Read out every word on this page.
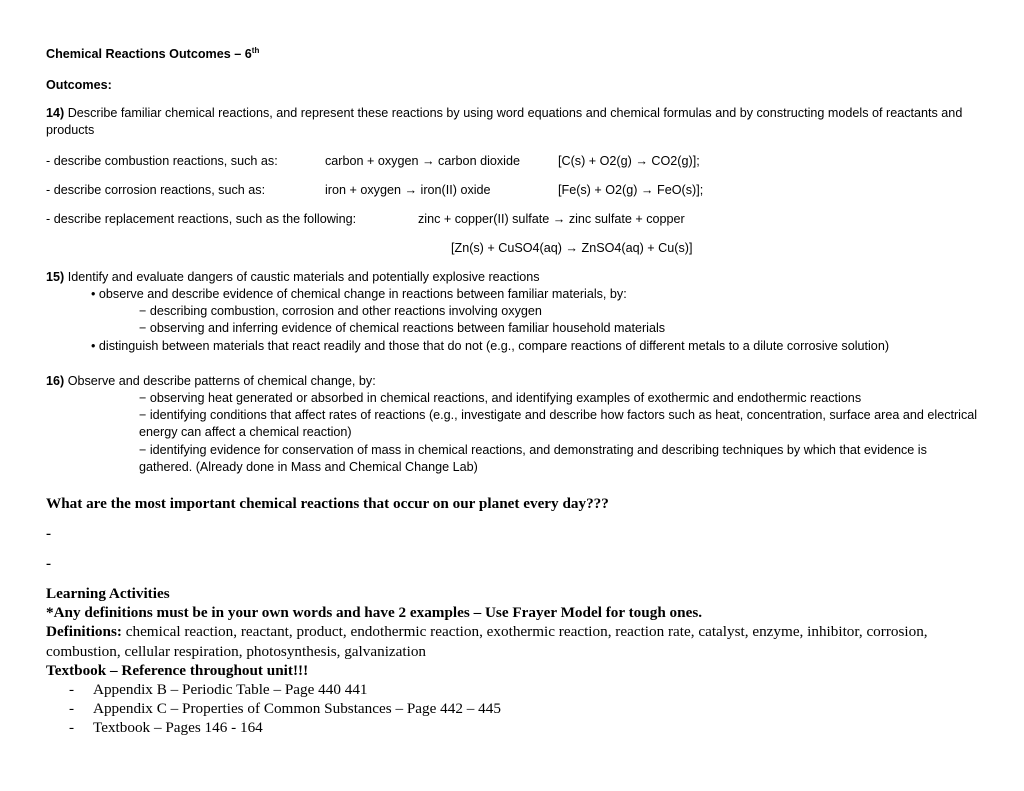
Chemical Reactions Outcomes – 6th
Outcomes:
14) Describe familiar chemical reactions, and represent these reactions by using word equations and chemical formulas and by constructing models of reactants and products
- describe combustion reactions, such as:	carbon + oxygen → carbon dioxide	[C(s) + O2(g) → CO2(g)];
- describe corrosion reactions, such as:	iron + oxygen → iron(II) oxide	[Fe(s) + O2(g) → FeO(s)];
- describe replacement reactions, such as the following:	zinc + copper(II) sulfate → zinc sulfate + copper
[Zn(s) + CuSO4(aq) → ZnSO4(aq) + Cu(s)]
15) Identify and evaluate dangers of caustic materials and potentially explosive reactions
• observe and describe evidence of chemical change in reactions between familiar materials, by:
− describing combustion, corrosion and other reactions involving oxygen
− observing and inferring evidence of chemical reactions between familiar household materials
• distinguish between materials that react readily and those that do not (e.g., compare reactions of different metals to a dilute corrosive solution)
16) Observe and describe patterns of chemical change, by:
− observing heat generated or absorbed in chemical reactions, and identifying examples of exothermic and endothermic reactions
− identifying conditions that affect rates of reactions (e.g., investigate and describe how factors such as heat, concentration, surface area and electrical energy can affect a chemical reaction)
− identifying evidence for conservation of mass in chemical reactions, and demonstrating and describing techniques by which that evidence is gathered. (Already done in Mass and Chemical Change Lab)
What are the most important chemical reactions that occur on our planet every day???
-
-
Learning Activities
*Any definitions must be in your own words and have 2 examples – Use Frayer Model for tough ones.
Definitions: chemical reaction, reactant, product, endothermic reaction, exothermic reaction, reaction rate, catalyst, enzyme, inhibitor, corrosion, combustion, cellular respiration, photosynthesis, galvanization
Textbook – Reference throughout unit!!!
- Appendix B – Periodic Table – Page 440 441
- Appendix C – Properties of Common Substances – Page 442 – 445
- Textbook – Pages 146 - 164
